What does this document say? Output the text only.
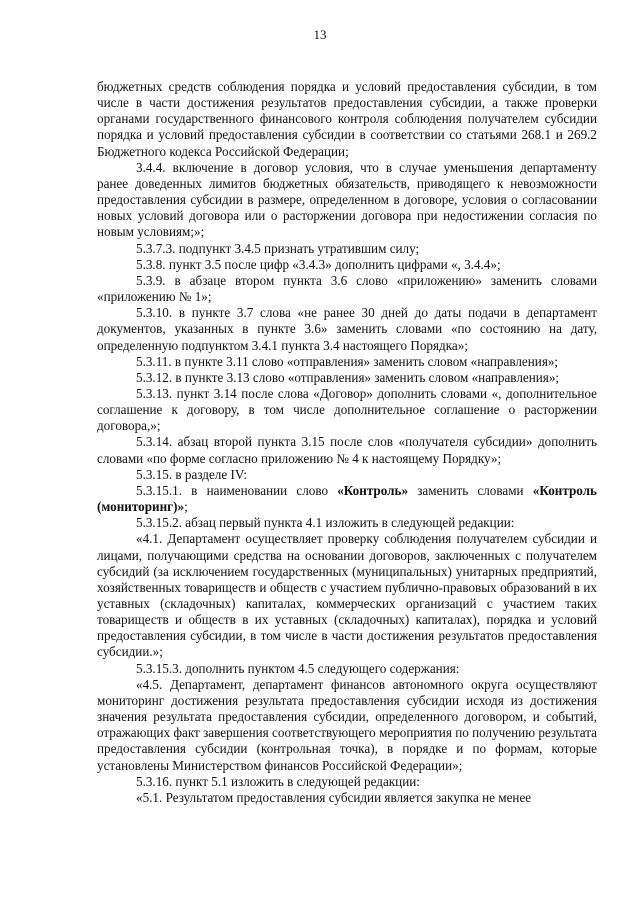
13

бюджетных средств соблюдения порядка и условий предоставления субсидии, в том числе в части достижения результатов предоставления субсидии, а также проверки органами государственного финансового контроля соблюдения получателем субсидии порядка и условий предоставления субсидии в соответствии со статьями 268.1 и 269.2 Бюджетного кодекса Российской Федерации;

3.4.4. включение в договор условия, что в случае уменьшения департаменту ранее доведенных лимитов бюджетных обязательств, приводящего к невозможности предоставления субсидии в размере, определенном в договоре, условия о согласовании новых условий договора или о расторжении договора при недостижении согласия по новым условиям;»;

5.3.7.3. подпункт 3.4.5 признать утратившим силу;

5.3.8. пункт 3.5 после цифр «3.4.3» дополнить цифрами «, 3.4.4»;

5.3.9. в абзаце втором пункта 3.6 слово «приложению» заменить словами «приложению № 1»;

5.3.10. в пункте 3.7 слова «не ранее 30 дней до даты подачи в департамент документов, указанных в пункте 3.6» заменить словами «по состоянию на дату, определенную подпунктом 3.4.1 пункта 3.4 настоящего Порядка»;

5.3.11. в пункте 3.11 слово «отправления» заменить словом «направления»;

5.3.12. в пункте 3.13 слово «отправления» заменить словом «направления»;

5.3.13. пункт 3.14 после слова «Договор» дополнить словами «, дополнительное соглашение к договору, в том числе дополнительное соглашение о расторжении договора,»;

5.3.14. абзац второй пункта 3.15 после слов «получателя субсидии» дополнить словами «по форме согласно приложению № 4 к настоящему Порядку»;

5.3.15. в разделе IV:

5.3.15.1. в наименовании слово «Контроль» заменить словами «Контроль (мониторинг)»;

5.3.15.2. абзац первый пункта 4.1 изложить в следующей редакции:

«4.1. Департамент осуществляет проверку соблюдения получателем субсидии и лицами, получающими средства на основании договоров, заключенных с получателем субсидий (за исключением государственных (муниципальных) унитарных предприятий, хозяйственных товариществ и обществ с участием публично-правовых образований в их уставных (складочных) капиталах, коммерческих организаций с участием таких товариществ и обществ в их уставных (складочных) капиталах), порядка и условий предоставления субсидии, в том числе в части достижения результатов предоставления субсидии.»;

5.3.15.3. дополнить пунктом 4.5 следующего содержания:

«4.5. Департамент, департамент финансов автономного округа осуществляют мониторинг достижения результата предоставления субсидии исходя из достижения значения результата предоставления субсидии, определенного договором, и событий, отражающих факт завершения соответствующего мероприятия по получению результата предоставления субсидии (контрольная точка), в порядке и по формам, которые установлены Министерством финансов Российской Федерации»;

5.3.16. пункт 5.1 изложить в следующей редакции:

«5.1. Результатом предоставления субсидии является закупка не менее
